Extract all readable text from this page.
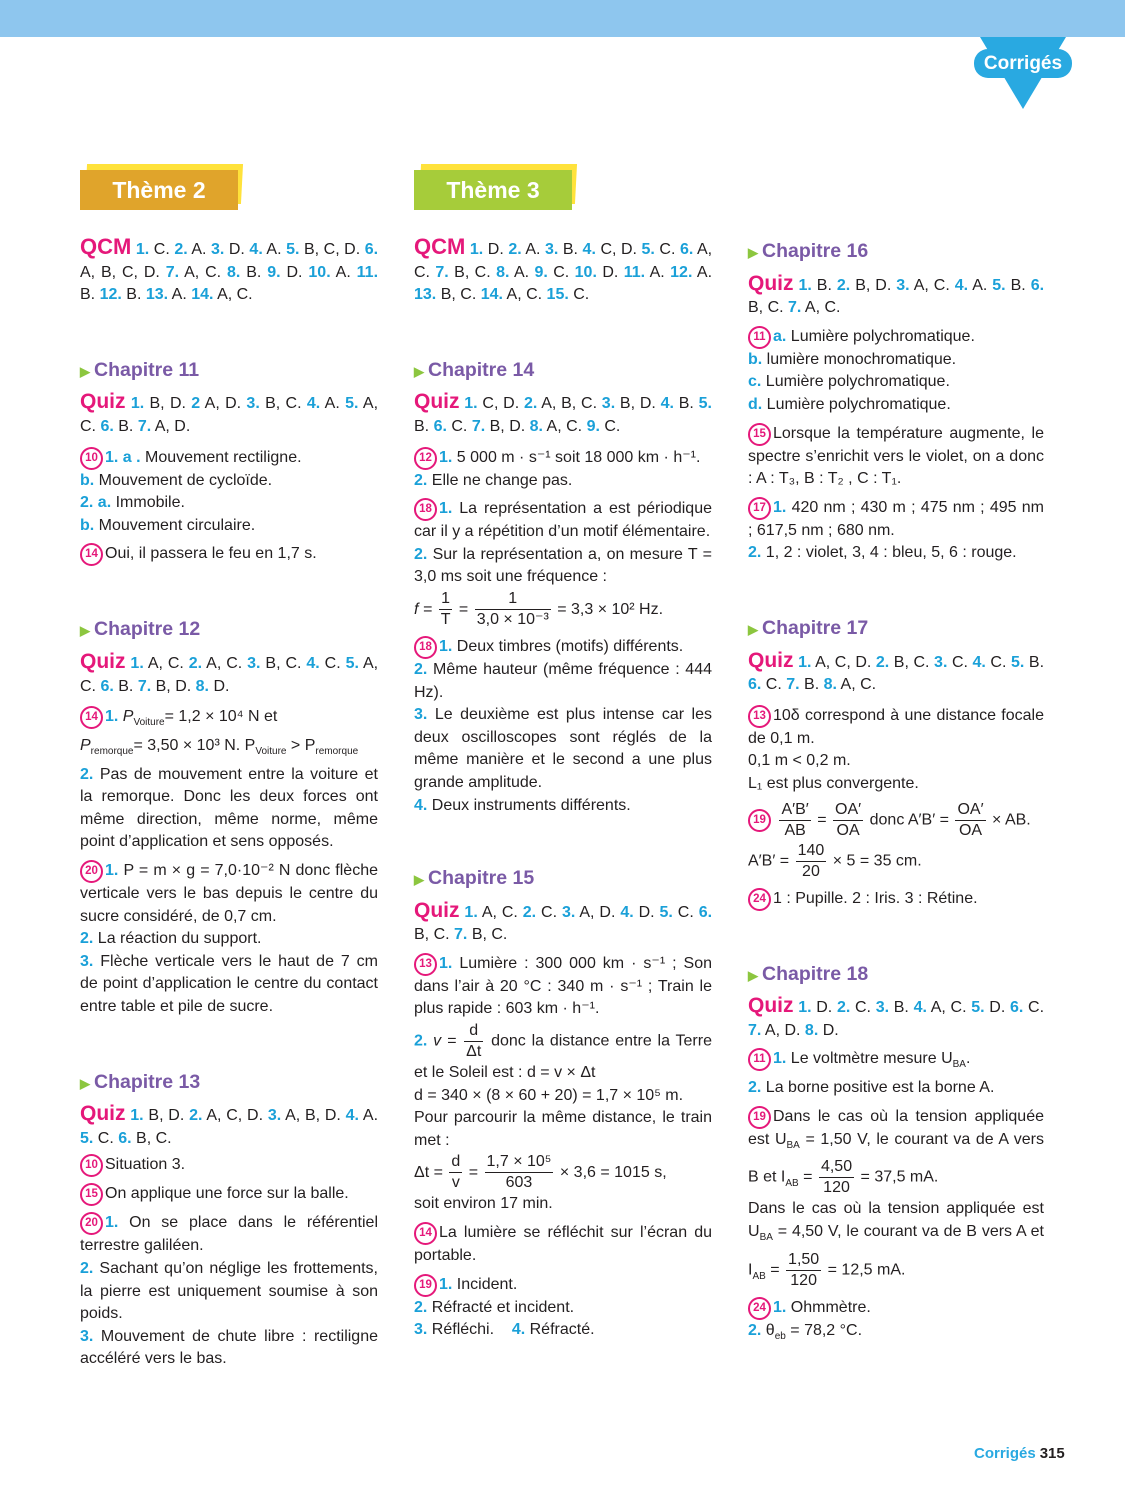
Corrigés
Thème 2
QCM 1. C. 2. A. 3. D. 4. A. 5. B, C, D. 6. A, B, C, D. 7. A, C. 8. B. 9. D. 10. A. 11. B. 12. B. 13. A. 14. A, C.
▶ Chapitre 11
Quiz 1. B, D. 2 A, D. 3. B, C. 4. A. 5. A, C. 6. B. 7. A, D.
10 1. a . Mouvement rectiligne.
b. Mouvement de cycloïde.
2. a. Immobile.
b. Mouvement circulaire.
14 Oui, il passera le feu en 1,7 s.
▶ Chapitre 12
Quiz 1. A, C. 2. A, C. 3. B, C. 4. C. 5. A, C. 6. B. 7. B, D. 8. D.
14 1. $P_{Voiture}= 1,2 \times 10^4$ N et
$P_{remorque}= 3,50 \times 10^3$ N. $P_{Voiture} > P_{remorque}$
2. Pas de mouvement entre la voiture et la remorque. Donc les deux forces ont même direction, même norme, même point d’application et sens opposés.
20 1. P = m × g = 7,0·10⁻² N donc flèche verticale vers le bas depuis le centre du sucre considéré, de 0,7 cm.
2. La réaction du support.
3. Flèche verticale vers le haut de 7 cm de point d’application le centre du contact entre table et pile de sucre.
▶ Chapitre 13
Quiz 1. B, D. 2. A, C, D. 3. A, B, D. 4. A. 5. C. 6. B, C.
10 Situation 3.
15 On applique une force sur la balle.
20 1. On se place dans le référentiel terrestre galiléen.
2. Sachant qu’on néglige les frottements, la pierre est uniquement soumise à son poids.
3. Mouvement de chute libre : rectiligne accéléré vers le bas.
Thème 3
QCM 1. D. 2. A. 3. B. 4. C, D. 5. C. 6. A, C. 7. B, C. 8. A. 9. C. 10. D. 11. A. 12. A. 13. B, C. 14. A, C. 15. C.
▶ Chapitre 14
Quiz 1. C, D. 2. A, B, C. 3. B, D. 4. B. 5. B. 6. C. 7. B, D. 8. A, C. 9. C.
12 1. 5 000 m · s⁻¹ soit 18 000 km · h⁻¹.
2. Elle ne change pas.
18 1. La représentation a est périodique car il y a répétition d’un motif élémentaire.
2. Sur la représentation a, on mesure T = 3,0 ms soit une fréquence :
$f = \frac{1}{T} = \frac{1}{\text{3,0 × 10⁻³}} = 3,3 \times 10^2$ Hz.
18 1. Deux timbres (motifs) différents.
2. Même hauteur (même fréquence : 444 Hz).
3. Le deuxième est plus intense car les deux oscilloscopes sont réglés de la même manière et le second a une plus grande amplitude.
4. Deux instruments différents.
▶ Chapitre 15
Quiz 1. A, C. 2. C. 3. A, D. 4. D. 5. C. 6. B, C. 7. B, C.
13 1. Lumière : 300 000 km · s⁻¹ ; Son dans l’air à 20 °C : 340 m · s⁻¹ ; Train le plus rapide : 603 km · h⁻¹.
2. $v = \frac{d}{\Delta t}$ donc la distance entre la Terre et le Soleil est : d = v × Δt
d = 340 × (8 × 60 + 20) = 1,7 × 10⁵ m.
Pour parcourir la même distance, le train met :
$\Delta t = \frac{d}{v} = \frac{\text{1,7 × 10⁵}}{603} \times 3,6 = 1015$ s,
soit environ 17 min.
14 La lumière se réfléchit sur l’écran du portable.
19 1. Incident.
2. Réfracté et incident.
3. Réfléchi. 4. Réfracté.
▶ Chapitre 16
Quiz 1. B. 2. B, D. 3. A, C. 4. A. 5. B. 6. B, C. 7. A, C.
11 a. Lumière polychromatique.
b. lumière monochromatique.
c. Lumière polychromatique.
d. Lumière polychromatique.
15 Lorsque la température augmente, le spectre s’enrichit vers le violet, on a donc : A : T₃, B : T₂ , C : T₁.
17 1. 420 nm ; 430 m ; 475 nm ; 495 nm ; 617,5 nm ; 680 nm.
2. 1, 2 : violet, 3, 4 : bleu, 5, 6 : rouge.
▶ Chapitre 17
Quiz 1. A, C, D. 2. B, C. 3. C. 4. C. 5. B. 6. C. 7. B. 8. A, C.
13 10δ correspond à une distance focale de 0,1 m.
0,1 m < 0,2 m.
L₁ est plus convergente.
$19 \frac{A'B'}{AB} = \frac{OA'}{OA}$ donc $A'B' = \frac{OA'}{OA}$ × AB.
$A'B' = \frac{140}{20} \times 5 = 35$ cm.
24 1 : Pupille. 2 : Iris. 3 : Rétine.
▶ Chapitre 18
Quiz 1. D. 2. C. 3. B. 4. A, C. 5. D. 6. C. 7. A, D. 8. D.
11 1. Le voltmètre mesure $U_{BA}$.
2. La borne positive est la borne A.
19 Dans le cas où la tension appliquée est $U_{BA} = 1,50$ V, le courant va de A vers B et $I_{AB} = \frac{4,50}{120} = 37,5$ mA.
Dans le cas où la tension appliquée est $U_{BA} = 4,50$ V, le courant va de B vers A et $I_{AB} = \frac{1,50}{120} = 12,5$ mA.
24 1. Ohmmètre.
2. $\theta_{eb} = 78,2$ °C.
Corrigés 315
